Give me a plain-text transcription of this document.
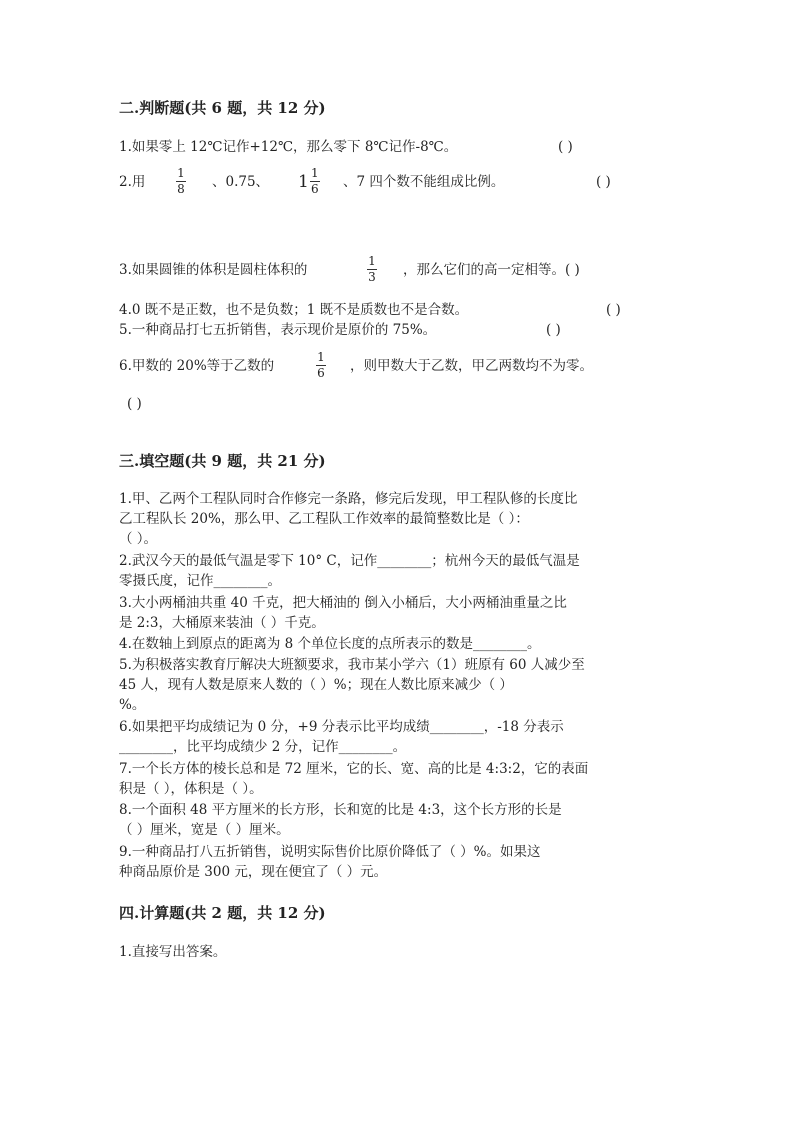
二.判断题(共 6 题，共 12 分)
1.如果零上 12℃记作+12℃，那么零下 8℃记作-8℃。	( )
2.用
1
8 、0.75、 $1 \frac{1}{6}$ 、7 四个数不能组成比例。	( )
3.如果圆锥的体积是圆柱体积的
1
3 ，那么它们的高一定相等。( )
4.0 既不是正数，也不是负数；1 既不是质数也不是合数。	( )
5.一种商品打七五折销售，表示现价是原价的 75%。	( )
6.甲数的 20%等于乙数的
1
6 ，则甲数大于乙数，甲乙两数均不为零。
( )
三.填空题(共 9 题，共 21 分)
1.甲、乙两个工程队同时合作修完一条路，修完后发现，甲工程队修的长度比
乙工程队长 20%，那么甲、乙工程队工作效率的最简整数比是（ ）：
（ ）。
2.武汉今天的最低气温是零下 10° C，记作________；杭州今天的最低气温是
零摄氏度，记作________。
3.大小两桶油共重 40 千克，把大桶油的 倒入小桶后，大小两桶油重量之比
是 2:3，大桶原来装油（ ）千克。
4.在数轴上到原点的距离为 8 个单位长度的点所表示的数是________。
5.为积极落实教育厅解决大班额要求，我市某小学六（1）班原有 60 人减少至
45 人，现有人数是原来人数的（ ）%；现在人数比原来减少（ ）
%。
6.如果把平均成绩记为 0 分，+9 分表示比平均成绩________，-18 分表示
________，比平均成绩少 2 分，记作________。
7.一个长方体的棱长总和是 72 厘米，它的长、宽、高的比是 4:3:2，它的表面
积是（ ），体积是（ ）。
8.一个面积 48 平方厘米的长方形，长和宽的比是 4:3，这个长方形的长是
（ ）厘米，宽是（ ）厘米。
9.一种商品打八五折销售，说明实际售价比原价降低了（ ）%。如果这
种商品原价是 300 元，现在便宜了（ ）元。
四.计算题(共 2 题，共 12 分)
1.直接写出答案。
